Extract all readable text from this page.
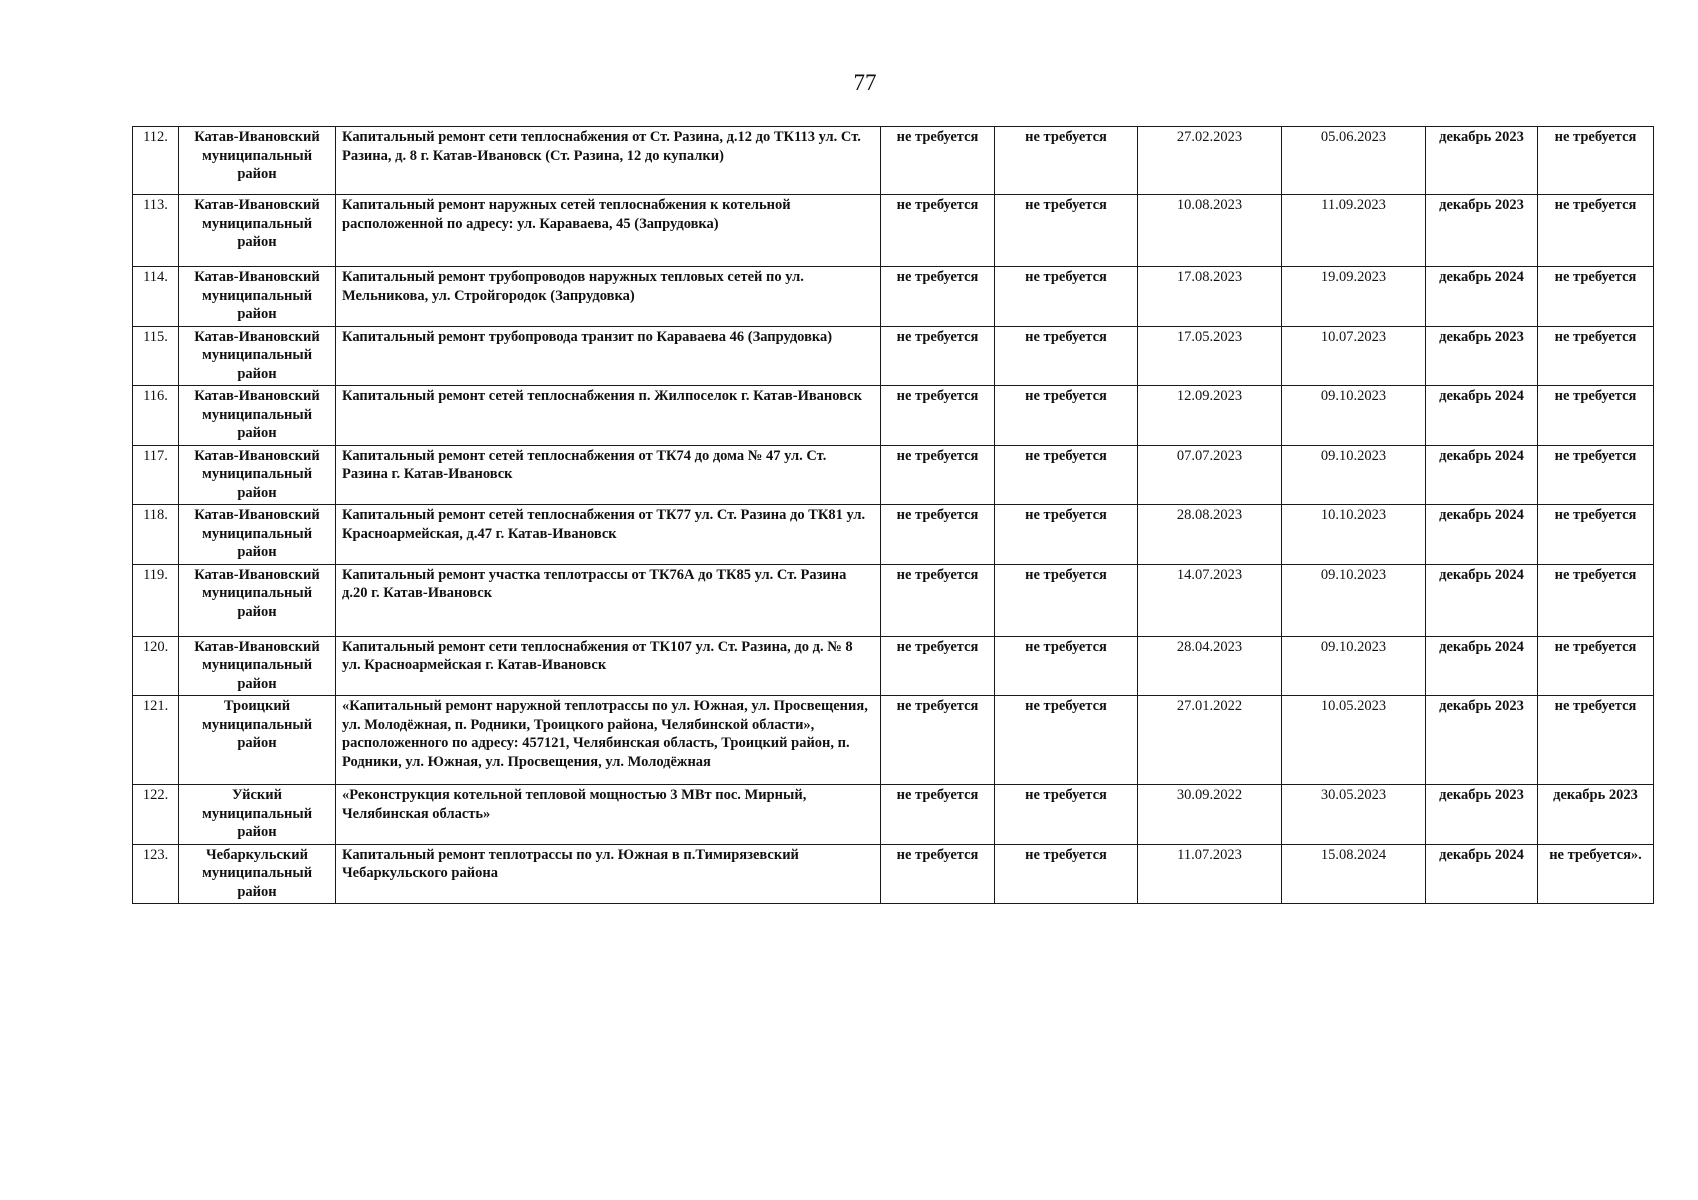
77
112.	Катав-Ивановский муниципальный район	Капитальный ремонт сети теплоснабжения от Ст. Разина, д.12 до ТК113 ул. Ст. Разина, д. 8 г. Катав-Ивановск (Ст. Разина, 12 до купалки)	не требуется	не требуется	27.02.2023	05.06.2023	декабрь 2023	не требуется
113.	Катав-Ивановский муниципальный район	Капитальный ремонт наружных сетей теплоснабжения к котельной расположенной по адресу: ул. Караваева, 45 (Запрудовка)	не требуется	не требуется	10.08.2023	11.09.2023	декабрь 2023	не требуется
114.	Катав-Ивановский муниципальный район	Капитальный ремонт трубопроводов наружных тепловых сетей по ул. Мельникова, ул. Стройгородок (Запрудовка)	не требуется	не требуется	17.08.2023	19.09.2023	декабрь 2024	не требуется
115.	Катав-Ивановский муниципальный район	Капитальный ремонт трубопровода транзит по Караваева 46 (Запрудовка)	не требуется	не требуется	17.05.2023	10.07.2023	декабрь 2023	не требуется
116.	Катав-Ивановский муниципальный район	Капитальный ремонт сетей теплоснабжения п. Жилпоселок г. Катав-Ивановск	не требуется	не требуется	12.09.2023	09.10.2023	декабрь 2024	не требуется
117.	Катав-Ивановский муниципальный район	Капитальный ремонт сетей теплоснабжения от ТК74 до дома № 47 ул. Ст. Разина г. Катав-Ивановск	не требуется	не требуется	07.07.2023	09.10.2023	декабрь 2024	не требуется
118.	Катав-Ивановский муниципальный район	Капитальный ремонт сетей теплоснабжения от ТК77 ул. Ст. Разина до ТК81 ул. Красноармейская, д.47 г. Катав-Ивановск	не требуется	не требуется	28.08.2023	10.10.2023	декабрь 2024	не требуется
119.	Катав-Ивановский муниципальный район	Капитальный ремонт участка теплотрассы от ТК76А до ТК85 ул. Ст. Разина д.20 г. Катав-Ивановск	не требуется	не требуется	14.07.2023	09.10.2023	декабрь 2024	не требуется
120.	Катав-Ивановский муниципальный район	Капитальный ремонт сети теплоснабжения от ТК107 ул. Ст. Разина, до д. № 8 ул. Красноармейская г. Катав-Ивановск	не требуется	не требуется	28.04.2023	09.10.2023	декабрь 2024	не требуется
121.	Троицкий муниципальный район	«Капитальный ремонт наружной теплотрассы по ул. Южная, ул. Просвещения, ул. Молодёжная, п. Родники, Троицкого района, Челябинской области», расположенного по адресу: 457121, Челябинская область, Троицкий район, п. Родники, ул. Южная, ул. Просвещения, ул. Молодёжная	не требуется	не требуется	27.01.2022	10.05.2023	декабрь 2023	не требуется
122.	Уйский муниципальный район	«Реконструкция котельной тепловой мощностью 3 МВт пос. Мирный, Челябинская область»	не требуется	не требуется	30.09.2022	30.05.2023	декабрь 2023	декабрь 2023
123.	Чебаркульский муниципальный район	Капитальный ремонт теплотрассы по ул. Южная в п.Тимирязевский Чебаркульского района	не требуется	не требуется	11.07.2023	15.08.2024	декабрь 2024	не требуется».
